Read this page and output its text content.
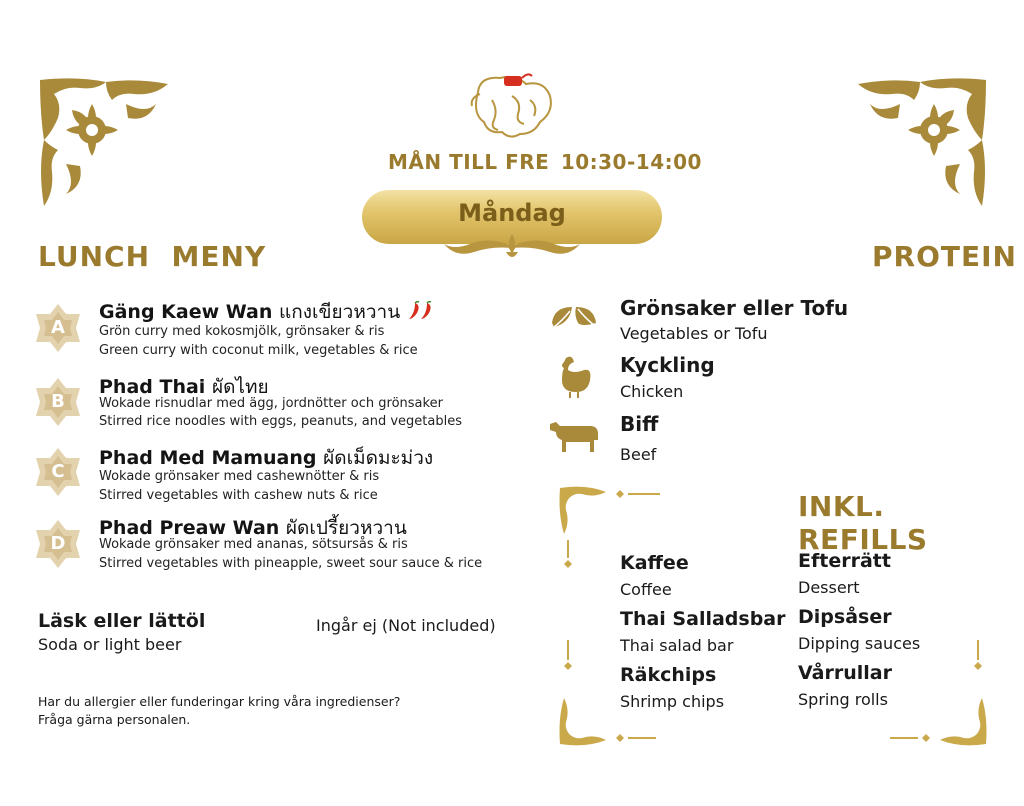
MÅN TILL FRE 10:30-14:00
Måndag
LUNCH  MENY	PROTEIN
A
Gäng Kaew Wan แกงเขียวหวาน
Grön curry med kokosmjölk, grönsaker & ris
Green curry with coconut milk, vegetables & rice
B
Phad Thai ผัดไทย
Wokade risnudlar med ägg, jordnötter och grönsaker
Stirred rice noodles with eggs, peanuts, and vegetables
C
Phad Med Mamuang ผัดเม็ดมะม่วง
Wokade grönsaker med cashewnötter & ris
Stirred vegetables with cashew nuts & rice
D
Phad Preaw Wan ผัดเปรี้ยวหวาน
Wokade grönsaker med ananas, sötsursås & ris
Stirred vegetables with pineapple, sweet sour sauce & rice
Läsk eller lättöl
Soda or light beer
Ingår ej (Not included)
Har du allergier eller funderingar kring våra ingredienser?
Fråga gärna personalen.
Grönsaker eller Tofu
Vegetables or Tofu
Kyckling
Chicken
Biff
Beef
INKL. REFILLS
Kaffee
Coffee
Efterrätt
Dessert
Thai Salladsbar
Thai salad bar
Dipsåser
Dipping sauces
Räkchips
Shrimp chips
Vårrullar
Spring rolls
